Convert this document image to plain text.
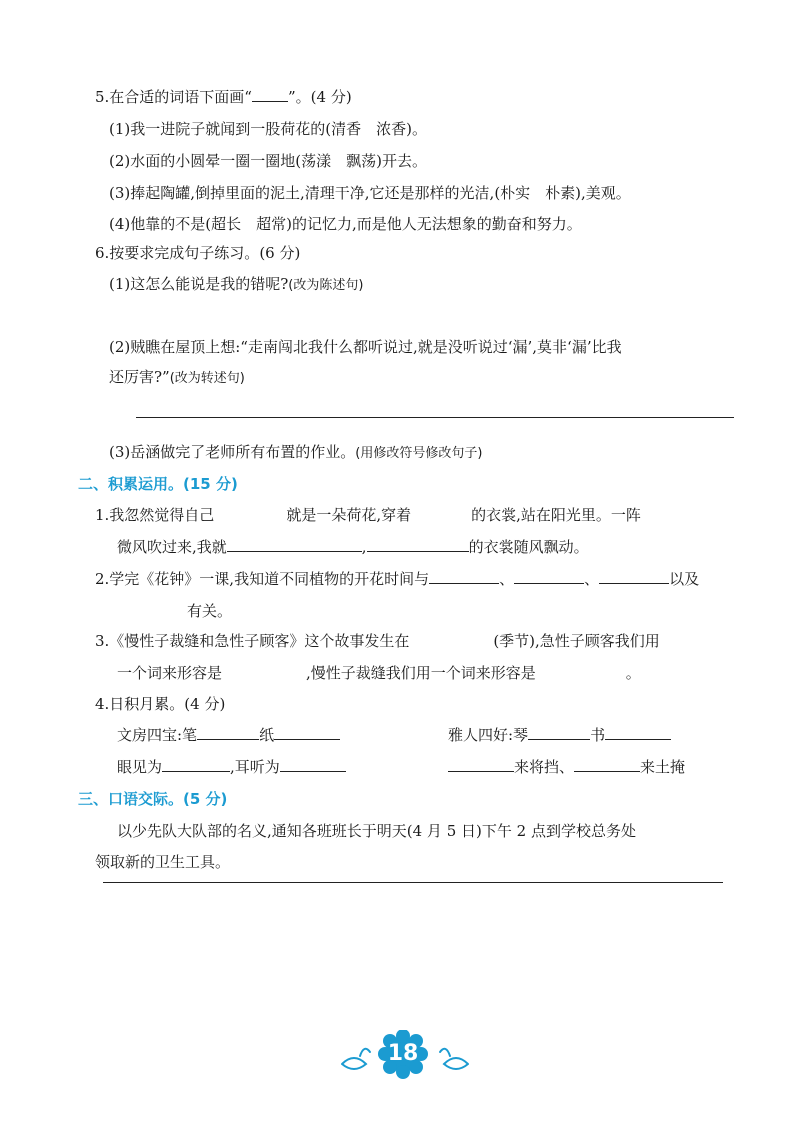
5.在合适的词语下面画“ ”。(4 分)
(1)我一进院子就闻到一股荷花的(清香　浓香)。
(2)水面的小圆晕一圈一圈地(荡漾　飘荡)开去。
(3)捧起陶罐,倒掉里面的泥土,清理干净,它还是那样的光洁,(朴实　朴素),美观。
(4)他靠的不是(超长　超常)的记忆力,而是他人无法想象的勤奋和努力。
6.按要求完成句子练习。(6 分)
(1)这怎么能说是我的错呢?(改为陈述句)
(2)贼瞧在屋顶上想:“走南闯北我什么都听说过,就是没听说过‘漏’,莫非‘漏’比我
还厉害?”(改为转述句)
(3)岳涵做完了老师所有布置的作业。(用修改符号修改句子)
二、积累运用。(15 分)
1.我忽然觉得自己	就是一朵荷花,穿着	的衣裳,站在阳光里。一阵
微风吹过来,我就	,	的衣裳随风飘动。
2.学完《花钟》一课,我知道不同植物的开花时间与	、	、	以及
有关。
3.《慢性子裁缝和急性子顾客》这个故事发生在	(季节),急性子顾客我们用
一个词来形容是	,慢性子裁缝我们用一个词来形容是	。
4.日积月累。(4 分)
文房四宝:笔	纸	雅人四好:琴	书
眼见为	,耳听为	来将挡、	来土掩
三、口语交际。(5 分)
以少先队大队部的名义,通知各班班长于明天(4 月 5 日)下午 2 点到学校总务处
领取新的卫生工具。
18
